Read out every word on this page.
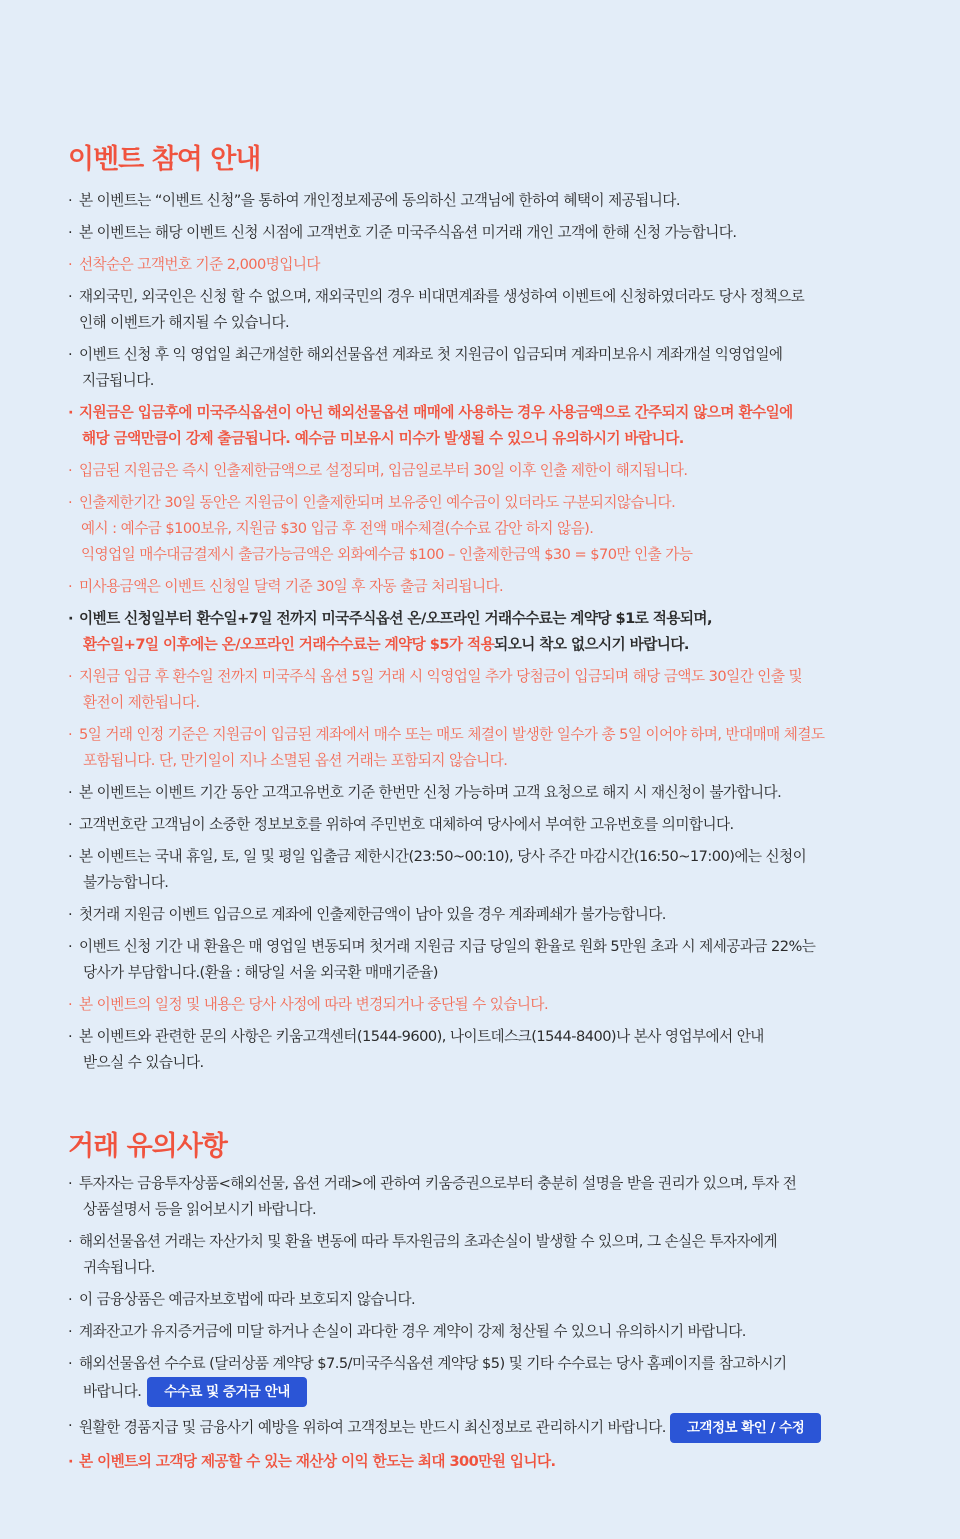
이벤트 참여 안내
· 본 이벤트는 “이벤트 신청”을 통하여 개인정보제공에 동의하신 고객님에 한하여 혜택이 제공됩니다.
· 본 이벤트는 해당 이벤트 신청 시점에 고객번호 기준 미국주식옵션 미거래 개인 고객에 한해 신청 가능합니다.
· 선착순은 고객번호 기준 2,000명입니다
· 재외국민, 외국인은 신청 할 수 없으며, 재외국민의 경우 비대면계좌를 생성하여 이벤트에 신청하였더라도 당사 정책으로
인해 이벤트가 해지될 수 있습니다.
· 이벤트 신청 후 익 영업일 최근개설한 해외선물옵션 계좌로 첫 지원금이 입금되며 계좌미보유시 계좌개설 익영업일에
지급됩니다.
· 지원금은 입금후에 미국주식옵션이 아닌 해외선물옵션 매매에 사용하는 경우 사용금액으로 간주되지 않으며 환수일에
해당 금액만큼이 강제 출금됩니다. 예수금 미보유시 미수가 발생될 수 있으니 유의하시기 바랍니다.
· 입금된 지원금은 즉시 인출제한금액으로 설정되며, 입금일로부터 30일 이후 인출 제한이 해지됩니다.
· 인출제한기간 30일 동안은 지원금이 인출제한되며 보유중인 예수금이 있더라도 구분되지않습니다.
예시 : 예수금 $100보유, 지원금 $30 입금 후 전액 매수체결(수수료 감안 하지 않음).
익영업일 매수대금결제시 출금가능금액은 외화예수금 $100 – 인출제한금액 $30 = $70만 인출 가능
· 미사용금액은 이벤트 신청일 달력 기준 30일 후 자동 출금 처리됩니다.
· 이벤트 신청일부터 환수일+7일 전까지 미국주식옵션 온/오프라인 거래수수료는 계약당 $1로 적용되며,
환수일+7일 이후에는 온/오프라인 거래수수료는 계약당 $5가 적용되오니 착오 없으시기 바랍니다.
· 지원금 입금 후 환수일 전까지 미국주식 옵션 5일 거래 시 익영업일 추가 당첨금이 입금되며 해당 금액도 30일간 인출 및
환전이 제한됩니다.
· 5일 거래 인정 기준은 지원금이 입금된 계좌에서 매수 또는 매도 체결이 발생한 일수가 총 5일 이어야 하며, 반대매매 체결도
포함됩니다. 단, 만기일이 지나 소멸된 옵션 거래는 포함되지 않습니다.
· 본 이벤트는 이벤트 기간 동안 고객고유번호 기준 한번만 신청 가능하며 고객 요청으로 해지 시 재신청이 불가합니다.
· 고객번호란 고객님이 소중한 정보보호를 위하여 주민번호 대체하여 당사에서 부여한 고유번호를 의미합니다.
· 본 이벤트는 국내 휴일, 토, 일 및 평일 입출금 제한시간(23:50~00:10), 당사 주간 마감시간(16:50~17:00)에는 신청이
불가능합니다.
· 첫거래 지원금 이벤트 입금으로 계좌에 인출제한금액이 남아 있을 경우 계좌폐쇄가 불가능합니다.
· 이벤트 신청 기간 내 환율은 매 영업일 변동되며 첫거래 지원금 지급 당일의 환율로 원화 5만원 초과 시 제세공과금 22%는
당사가 부담합니다.(환율 : 해당일 서울 외국환 매매기준율)
· 본 이벤트의 일정 및 내용은 당사 사정에 따라 변경되거나 중단될 수 있습니다.
· 본 이벤트와 관련한 문의 사항은 키움고객센터(1544-9600), 나이트데스크(1544-8400)나 본사 영업부에서 안내
받으실 수 있습니다.
거래 유의사항
· 투자자는 금융투자상품<해외선물, 옵션 거래>에 관하여 키움증권으로부터 충분히 설명을 받을 권리가 있으며, 투자 전
상품설명서 등을 읽어보시기 바랍니다.
· 해외선물옵션 거래는 자산가치 및 환율 변동에 따라 투자원금의 초과손실이 발생할 수 있으며, 그 손실은 투자자에게
귀속됩니다.
· 이 금융상품은 예금자보호법에 따라 보호되지 않습니다.
· 계좌잔고가 유지증거금에 미달 하거나 손실이 과다한 경우 계약이 강제 청산될 수 있으니 유의하시기 바랍니다.
· 해외선물옵션 수수료 (달러상품 계약당 $7.5/미국주식옵션 계약당 $5) 및 기타 수수료는 당사 홈페이지를 참고하시기
바랍니다. 수수료 및 증거금 안내
· 원활한 경품지급 및 금융사기 예방을 위하여 고객정보는 반드시 최신정보로 관리하시기 바랍니다. 고객정보 확인 / 수정
· 본 이벤트의 고객당 제공할 수 있는 재산상 이익 한도는 최대 300만원 입니다.
